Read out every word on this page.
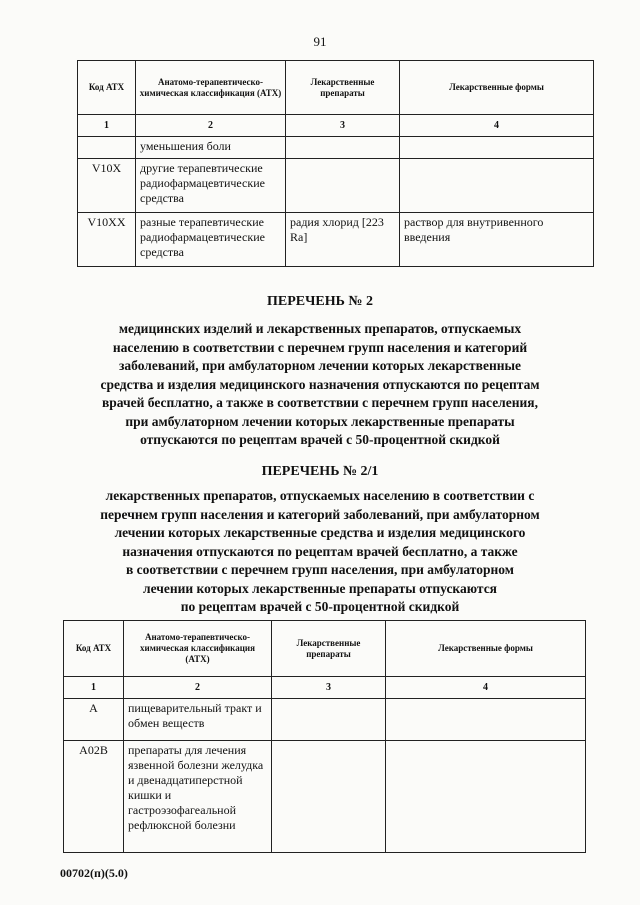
91
Код АТХ	Анатомо-терапевтическо-химическая классификация (АТХ)	Лекарственные препараты	Лекарственные формы
1	2	3	4
	уменьшения боли		
V10X	другие терапевтические радиофармацевтические средства		
V10XX	разные терапевтические радиофармацевтические средства	радия хлорид [223 Ra]	раствор для внутривенного введения
ПЕРЕЧЕНЬ № 2
медицинских изделий и лекарственных препаратов, отпускаемых
населению в соответствии с перечнем групп населения и категорий
заболеваний, при амбулаторном лечении которых лекарственные
средства и изделия медицинского назначения отпускаются по рецептам
врачей бесплатно, а также в соответствии с перечнем групп населения,
при амбулаторном лечении которых лекарственные препараты
отпускаются по рецептам врачей с 50-процентной скидкой
ПЕРЕЧЕНЬ № 2/1
лекарственных препаратов, отпускаемых населению в соответствии с
перечнем групп населения и категорий заболеваний, при амбулаторном
лечении которых лекарственные средства и изделия медицинского
назначения отпускаются по рецептам врачей бесплатно, а также
в соответствии с перечнем групп населения, при амбулаторном
лечении которых лекарственные препараты отпускаются
по рецептам врачей с 50-процентной скидкой
Код АТХ	Анатомо-терапевтическо-химическая классификация (АТХ)	Лекарственные препараты	Лекарственные формы
1	2	3	4
A	пищеварительный тракт и обмен веществ		
A02B	препараты для лечения язвенной болезни желудка и двенадцатиперстной кишки и гастроэзофагеальной рефлюксной болезни		
00702(п)(5.0)
